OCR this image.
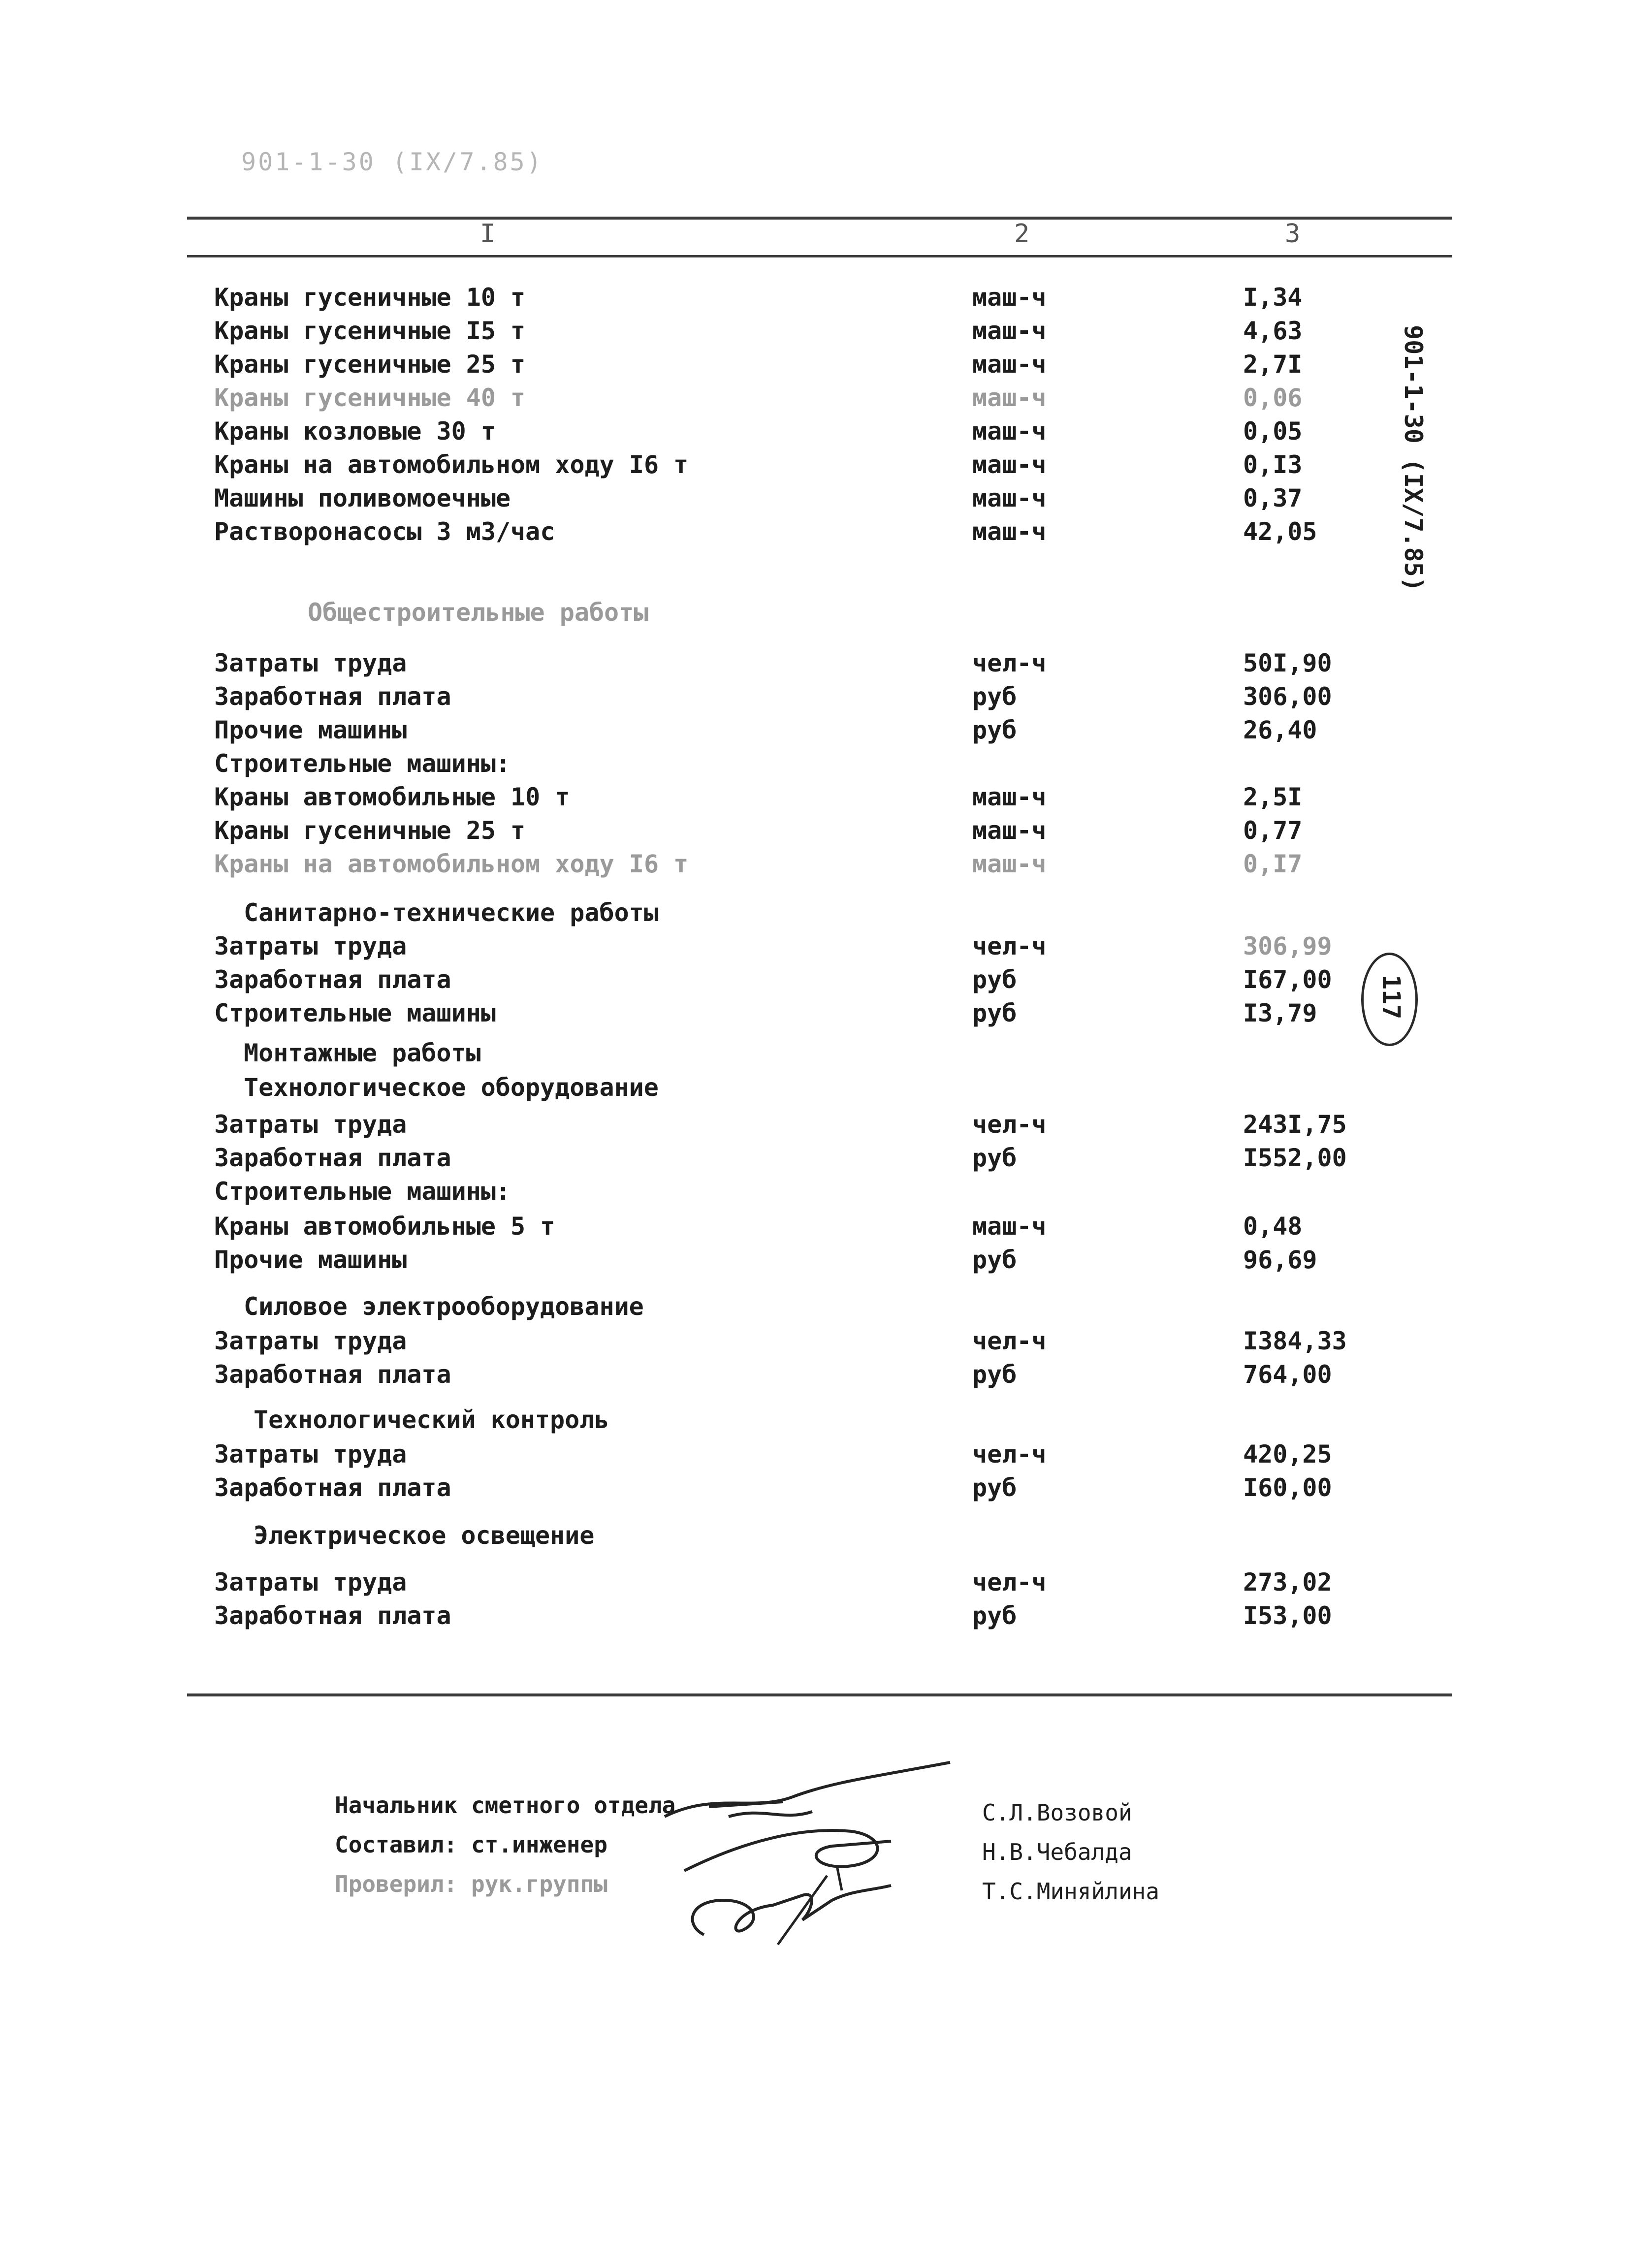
901-1-30 (IX/7.85)
I	2	3
Краны гусеничные 10 т	маш-ч	I,34
Краны гусеничные I5 т	маш-ч	4,63
Краны гусеничные 25 т	маш-ч	2,7I
Краны гусеничные 40 т	маш-ч	0,06
Краны козловые 30 т	маш-ч	0,05
Краны на автомобильном ходу I6 т	маш-ч	0,I3
Машины поливомоечные	маш-ч	0,37
Растворонасосы 3 м3/час	маш-ч	42,05
Общестроительные работы
Затраты труда	чел-ч	50I,90
Заработная плата	руб	306,00
Прочие машины	руб	26,40
Строительные машины:
Краны автомобильные 10 т	маш-ч	2,5I
Краны гусеничные 25 т	маш-ч	0,77
Краны на автомобильном ходу I6 т	маш-ч	0,I7
Санитарно-технические работы
Затраты труда	чел-ч	306,99
Заработная плата	руб	I67,00
Строительные машины	руб	I3,79
Монтажные работы
Технологическое оборудование
Затраты труда	чел-ч	243I,75
Заработная плата	руб	I552,00
Строительные машины:
Краны автомобильные 5 т	маш-ч	0,48
Прочие машины	руб	96,69
Силовое электрооборудование
Затраты труда	чел-ч	I384,33
Заработная плата	руб	764,00
Технологический контроль
Затраты труда	чел-ч	420,25
Заработная плата	руб	I60,00
Электрическое освещение
Затраты труда	чел-ч	273,02
Заработная плата	руб	I53,00
901-1-30 (IX/7.85)
117
Начальник сметного отдела
Составил: ст.инженер
Проверил: рук.группы
С.Л.Возовой
Н.В.Чебалда
Т.С.Миняйлина
